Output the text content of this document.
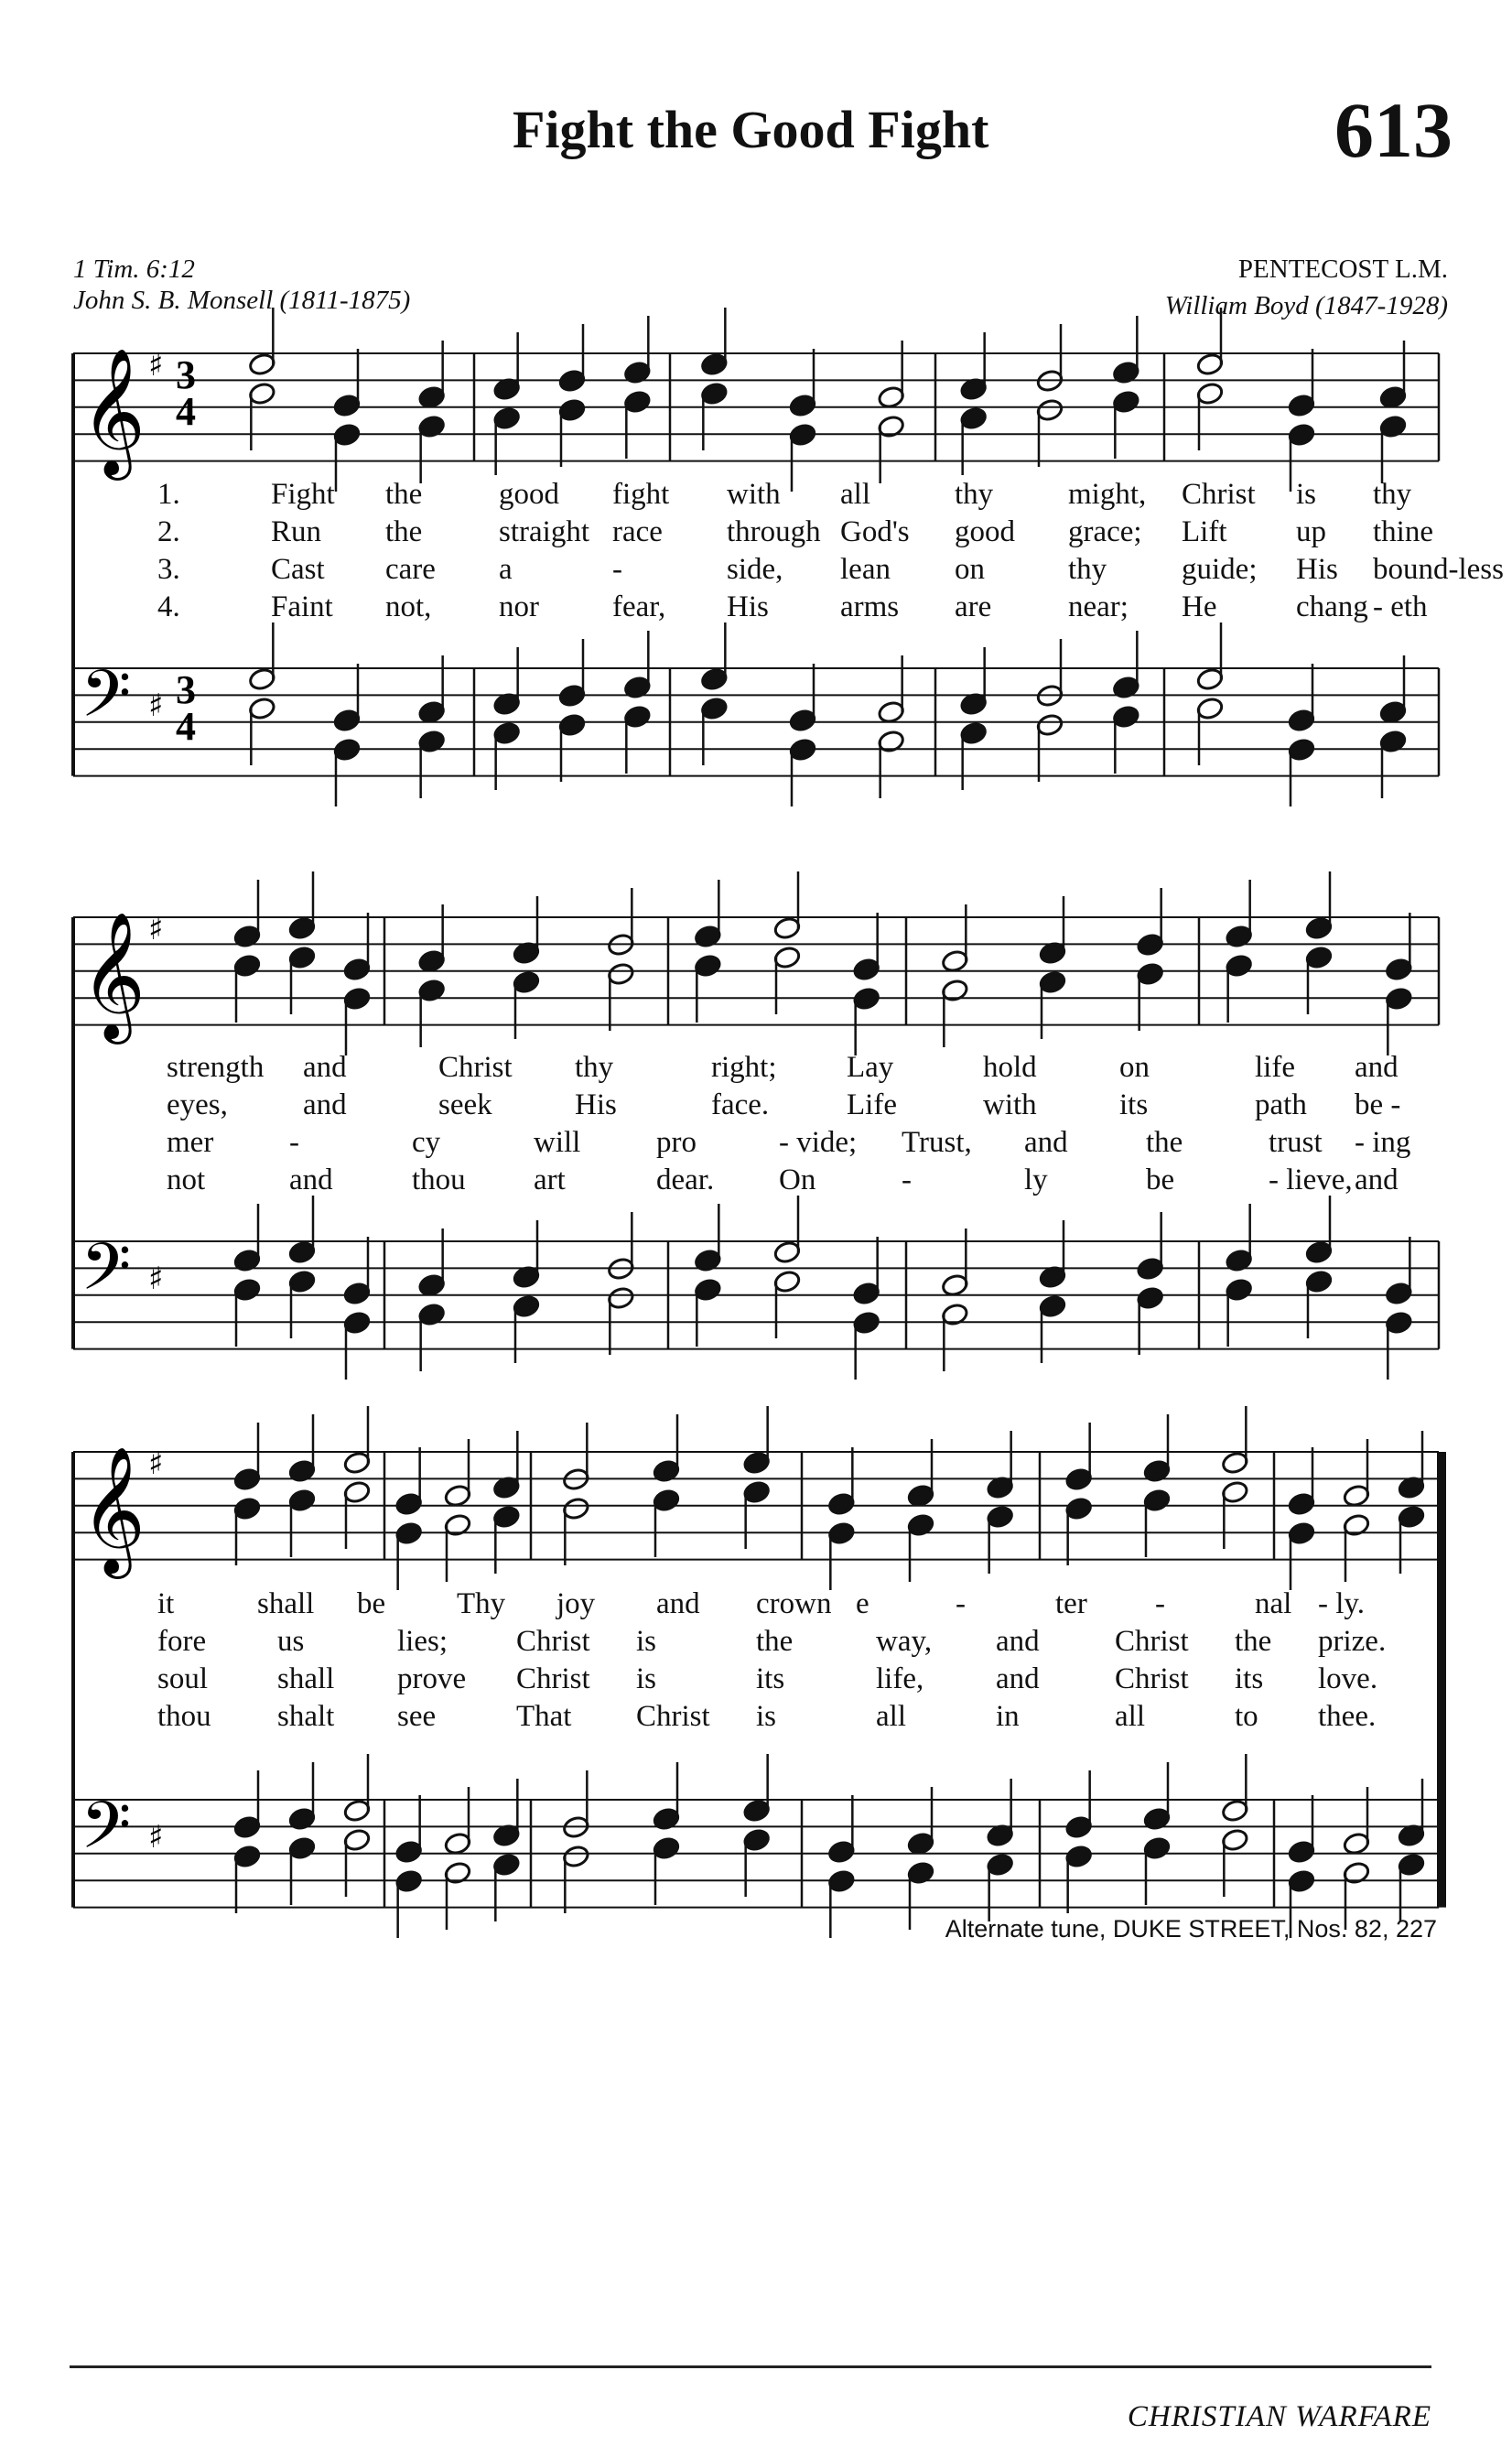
Fight the Good Fight	613
1 Tim. 6:12
John S. B. Monsell (1811-1875)
PENTECOST L.M.
William Boyd (1847-1928)
𝄞 ♯ 3
4
𝄢 ♯ 3
4
𝄞 ♯
𝄢 ♯
𝄞 ♯
𝄢 ♯
1.	Fight the	good fight with all	thy might, Christ is thy
2.	Run the	straight race through God's good grace; Lift up thine
3.	Cast care a	-	side, lean on	thy guide; His bound-less
4.	Faint not, nor fear, His arms are	near; He	chang - eth
strength and	Christ thy	right; Lay	hold	on	life and
eyes, and	seek	His	face.	Life	with	its	path be -
mer	-	cy	will	pro	- vide; Trust, and	the	trust - ing
not	and	thou art	dear. On	-	ly	be	- lieve, and
it	shall be Thy joy and crown e	-	ter -	nal - ly.
fore us	lies; Christ is	the	way, and Christ the prize.
soul shall prove Christ is	its	life, and Christ its love.
thou shalt see	That Christ is	all	in	all	to thee.
Alternate tune, DUKE STREET, Nos. 82, 227
CHRISTIAN WARFARE
